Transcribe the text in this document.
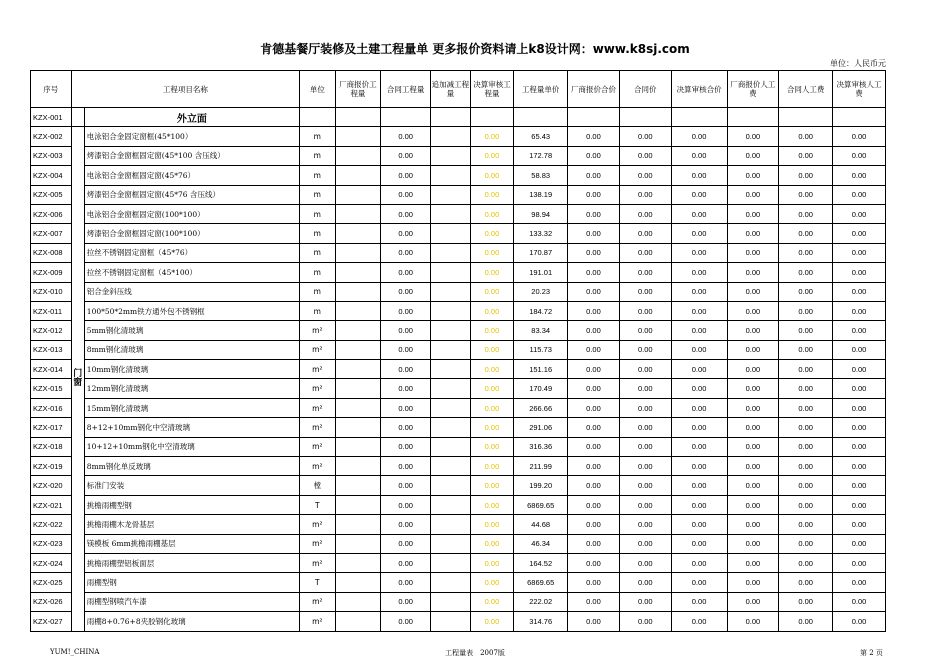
肯德基餐厅装修及土建工程量单 更多报价资料请上k8设计网：www.k8sj.com
单位：人民币元
序号	工程项目名称		单位	厂商报价工程量	合同工程量	追加减工程量	决算审核工程量	工程量单价	厂商报价合价	合同价	决算审核合价	厂商报价人工费	合同人工费	决算审核人工费
KZX-001		外立面												
KZX-002	门窗	电泳铝合金固定窗框(45*100）	m		0.00		0.00	65.43	0.00	0.00	0.00	0.00	0.00	0.00
KZX-003		烤漆铝合金窗框固定窗(45*100 含压线）	m		0.00		0.00	172.78	0.00	0.00	0.00	0.00	0.00	0.00
KZX-004		电泳铝合金窗框固定窗(45*76）	m		0.00		0.00	58.83	0.00	0.00	0.00	0.00	0.00	0.00
KZX-005		烤漆铝合金窗框固定窗(45*76 含压线）	m		0.00		0.00	138.19	0.00	0.00	0.00	0.00	0.00	0.00
KZX-006		电泳铝合金窗框固定窗(100*100）	m		0.00		0.00	98.94	0.00	0.00	0.00	0.00	0.00	0.00
KZX-007		烤漆铝合金窗框固定窗(100*100）	m		0.00		0.00	133.32	0.00	0.00	0.00	0.00	0.00	0.00
KZX-008		拉丝不锈钢固定窗框（45*76）	m		0.00		0.00	170.87	0.00	0.00	0.00	0.00	0.00	0.00
KZX-009		拉丝不锈钢固定窗框（45*100）	m		0.00		0.00	191.01	0.00	0.00	0.00	0.00	0.00	0.00
KZX-010		铝合金斜压线	m		0.00		0.00	20.23	0.00	0.00	0.00	0.00	0.00	0.00
KZX-011		100*50*2mm铁方通外包不锈钢框	m		0.00		0.00	184.72	0.00	0.00	0.00	0.00	0.00	0.00
KZX-012		5mm钢化清玻璃	m²		0.00		0.00	83.34	0.00	0.00	0.00	0.00	0.00	0.00
KZX-013		8mm钢化清玻璃	m²		0.00		0.00	115.73	0.00	0.00	0.00	0.00	0.00	0.00
KZX-014		10mm钢化清玻璃	m²		0.00		0.00	151.16	0.00	0.00	0.00	0.00	0.00	0.00
KZX-015		12mm钢化清玻璃	m²		0.00		0.00	170.49	0.00	0.00	0.00	0.00	0.00	0.00
KZX-016		15mm钢化清玻璃	m²		0.00		0.00	266.66	0.00	0.00	0.00	0.00	0.00	0.00
KZX-017		8+12+10mm钢化中空清玻璃	m²		0.00		0.00	291.06	0.00	0.00	0.00	0.00	0.00	0.00
KZX-018		10+12+10mm钢化中空清玻璃	m²		0.00		0.00	316.36	0.00	0.00	0.00	0.00	0.00	0.00
KZX-019		8mm钢化单反玻璃	m²		0.00		0.00	211.99	0.00	0.00	0.00	0.00	0.00	0.00
KZX-020		标准门安装	樘		0.00		0.00	199.20	0.00	0.00	0.00	0.00	0.00	0.00
KZX-021		挑檐雨棚型钢	T		0.00		0.00	6869.65	0.00	0.00	0.00	0.00	0.00	0.00
KZX-022		挑檐雨棚木龙骨基层	m²		0.00		0.00	44.68	0.00	0.00	0.00	0.00	0.00	0.00
KZX-023		镁模板 6mm挑檐雨棚基层	m²		0.00		0.00	46.34	0.00	0.00	0.00	0.00	0.00	0.00
KZX-024		挑檐雨棚塑铝板面层	m²		0.00		0.00	164.52	0.00	0.00	0.00	0.00	0.00	0.00
KZX-025		雨棚型钢	T		0.00		0.00	6869.65	0.00	0.00	0.00	0.00	0.00	0.00
KZX-026		雨棚型钢喷汽车漆	m²		0.00		0.00	222.02	0.00	0.00	0.00	0.00	0.00	0.00
KZX-027		雨棚8+0.76+8夹胶钢化玻璃	m²		0.00		0.00	314.76	0.00	0.00	0.00	0.00	0.00	0.00
YUM!_CHINA	工程量表　2007版	第 2 页
